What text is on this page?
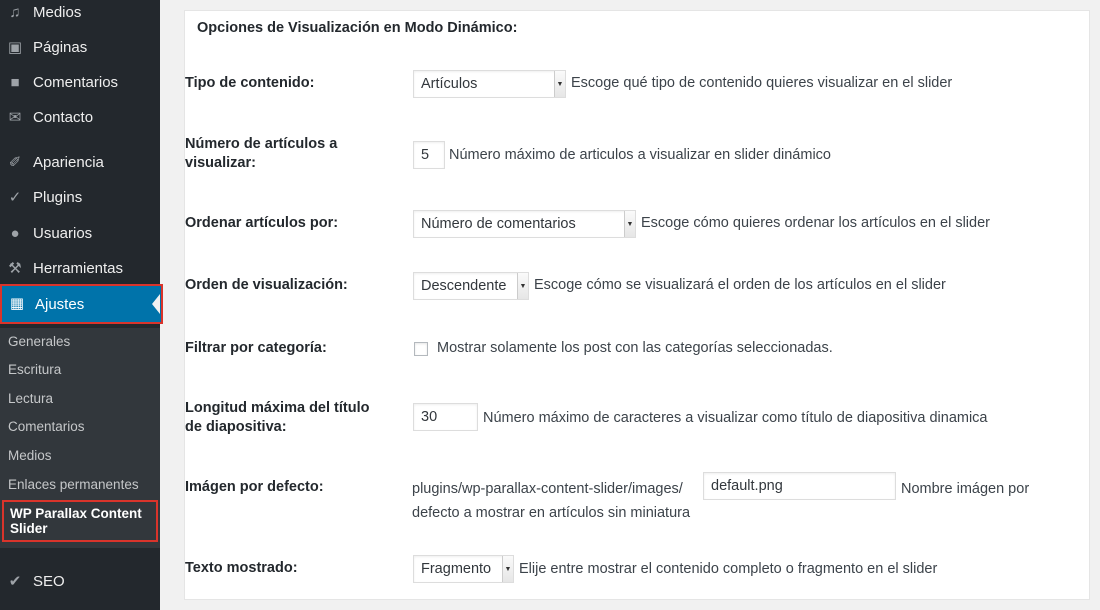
♫ Medios
▣ Páginas
■ Comentarios
✉ Contacto
✐ Apariencia
✓ Plugins
● Usuarios
⚒ Herramientas
▦ Ajustes
Generales
Escritura
Lectura
Comentarios
Medios
Enlaces permanentes
WP Parallax Content Slider
✔ SEO
Opciones de Visualización en Modo Dinámico:
Tipo de contenido:	Artículos	▼ Escoge qué tipo de contenido quieres visualizar en el slider
Número de artículos a visualizar:	5	Número máximo de articulos a visualizar en slider dinámico
Ordenar artículos por:	Número de comentarios	▼ Escoge cómo quieres ordenar los artículos en el slider
Orden de visualización:	Descendente	▼ Escoge cómo se visualizará el orden de los artículos en el slider
Filtrar por categoría:	Mostrar solamente los post con las categorías seleccionadas.
Longitud máxima del título de diapositiva:
30	Número máximo de caracteres a visualizar como título de diapositiva dinamica
Imágen por defecto:	plugins/wp-parallax-content-slider/images/	default.png	Nombre imágen por
defecto a mostrar en artículos sin miniatura
Texto mostrado:	Fragmento	▼ Elije entre mostrar el contenido completo o fragmento en el slider
